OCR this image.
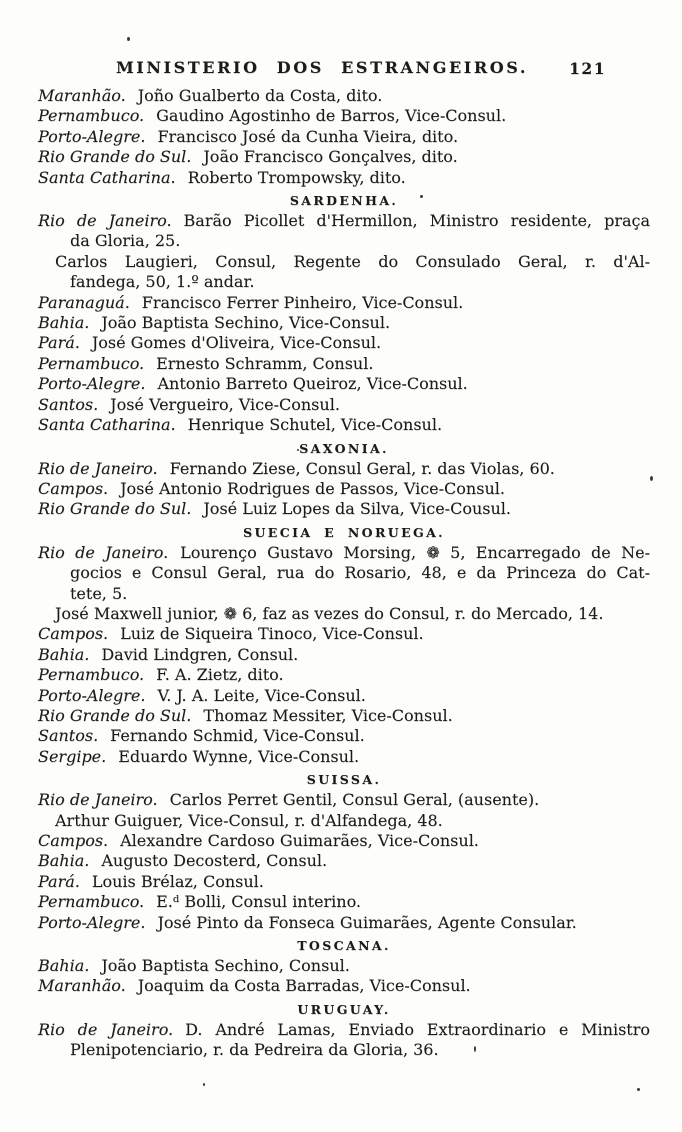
MINISTERIO DOS ESTRANGEIROS.	121
Maranhão. Joño Gualberto da Costa, dito.
Pernambuco. Gaudino Agostinho de Barros, Vice-Consul.
Porto-Alegre. Francisco José da Cunha Vieira, dito.
Rio Grande do Sul. João Francisco Gonçalves, dito.
Santa Catharina. Roberto Trompowsky, dito.
SARDENHA.
Rio de Janeiro. Barão Picollet d'Hermillon, Ministro residente, praça
da Gloria, 25.
Carlos Laugieri, Consul, Regente do Consulado Geral, r. d'Al-
fandega, 50, 1.º andar.
Paranaguá. Francisco Ferrer Pinheiro, Vice-Consul.
Bahia. João Baptista Sechino, Vice-Consul.
Pará. José Gomes d'Oliveira, Vice-Consul.
Pernambuco. Ernesto Schramm, Consul.
Porto-Alegre. Antonio Barreto Queiroz, Vice-Consul.
Santos. José Vergueiro, Vice-Consul.
Santa Catharina. Henrique Schutel, Vice-Consul.
SAXONIA.
Rio de Janeiro. Fernando Ziese, Consul Geral, r. das Violas, 60.
Campos. José Antonio Rodrigues de Passos, Vice-Consul.
Rio Grande do Sul. José Luiz Lopes da Silva, Vice-Cousul.
SUECIA E NORUEGA.
Rio de Janeiro. Lourenço Gustavo Morsing, ❁ 5, Encarregado de Ne-
gocios e Consul Geral, rua do Rosario, 48, e da Princeza do Cat-
tete, 5.
José Maxwell junior, ❁ 6, faz as vezes do Consul, r. do Mercado, 14.
Campos. Luiz de Siqueira Tinoco, Vice-Consul.
Bahia. David Lindgren, Consul.
Pernambuco. F. A. Zietz, dito.
Porto-Alegre. V. J. A. Leite, Vice-Consul.
Rio Grande do Sul. Thomaz Messiter, Vice-Consul.
Santos. Fernando Schmid, Vice-Consul.
Sergipe. Eduardo Wynne, Vice-Consul.
SUISSA.
Rio de Janeiro. Carlos Perret Gentil, Consul Geral, (ausente).
Arthur Guiguer, Vice-Consul, r. d'Alfandega, 48.
Campos. Alexandre Cardoso Guimarães, Vice-Consul.
Bahia. Augusto Decosterd, Consul.
Pará. Louis Brélaz, Consul.
Pernambuco. E.ᵈ Bolli, Consul interino.
Porto-Alegre. José Pinto da Fonseca Guimarães, Agente Consular.
TOSCANA.
Bahia. João Baptista Sechino, Consul.
Maranhão. Joaquim da Costa Barradas, Vice-Consul.
URUGUAY.
Rio de Janeiro. D. André Lamas, Enviado Extraordinario e Ministro
Plenipotenciario, r. da Pedreira da Gloria, 36.
